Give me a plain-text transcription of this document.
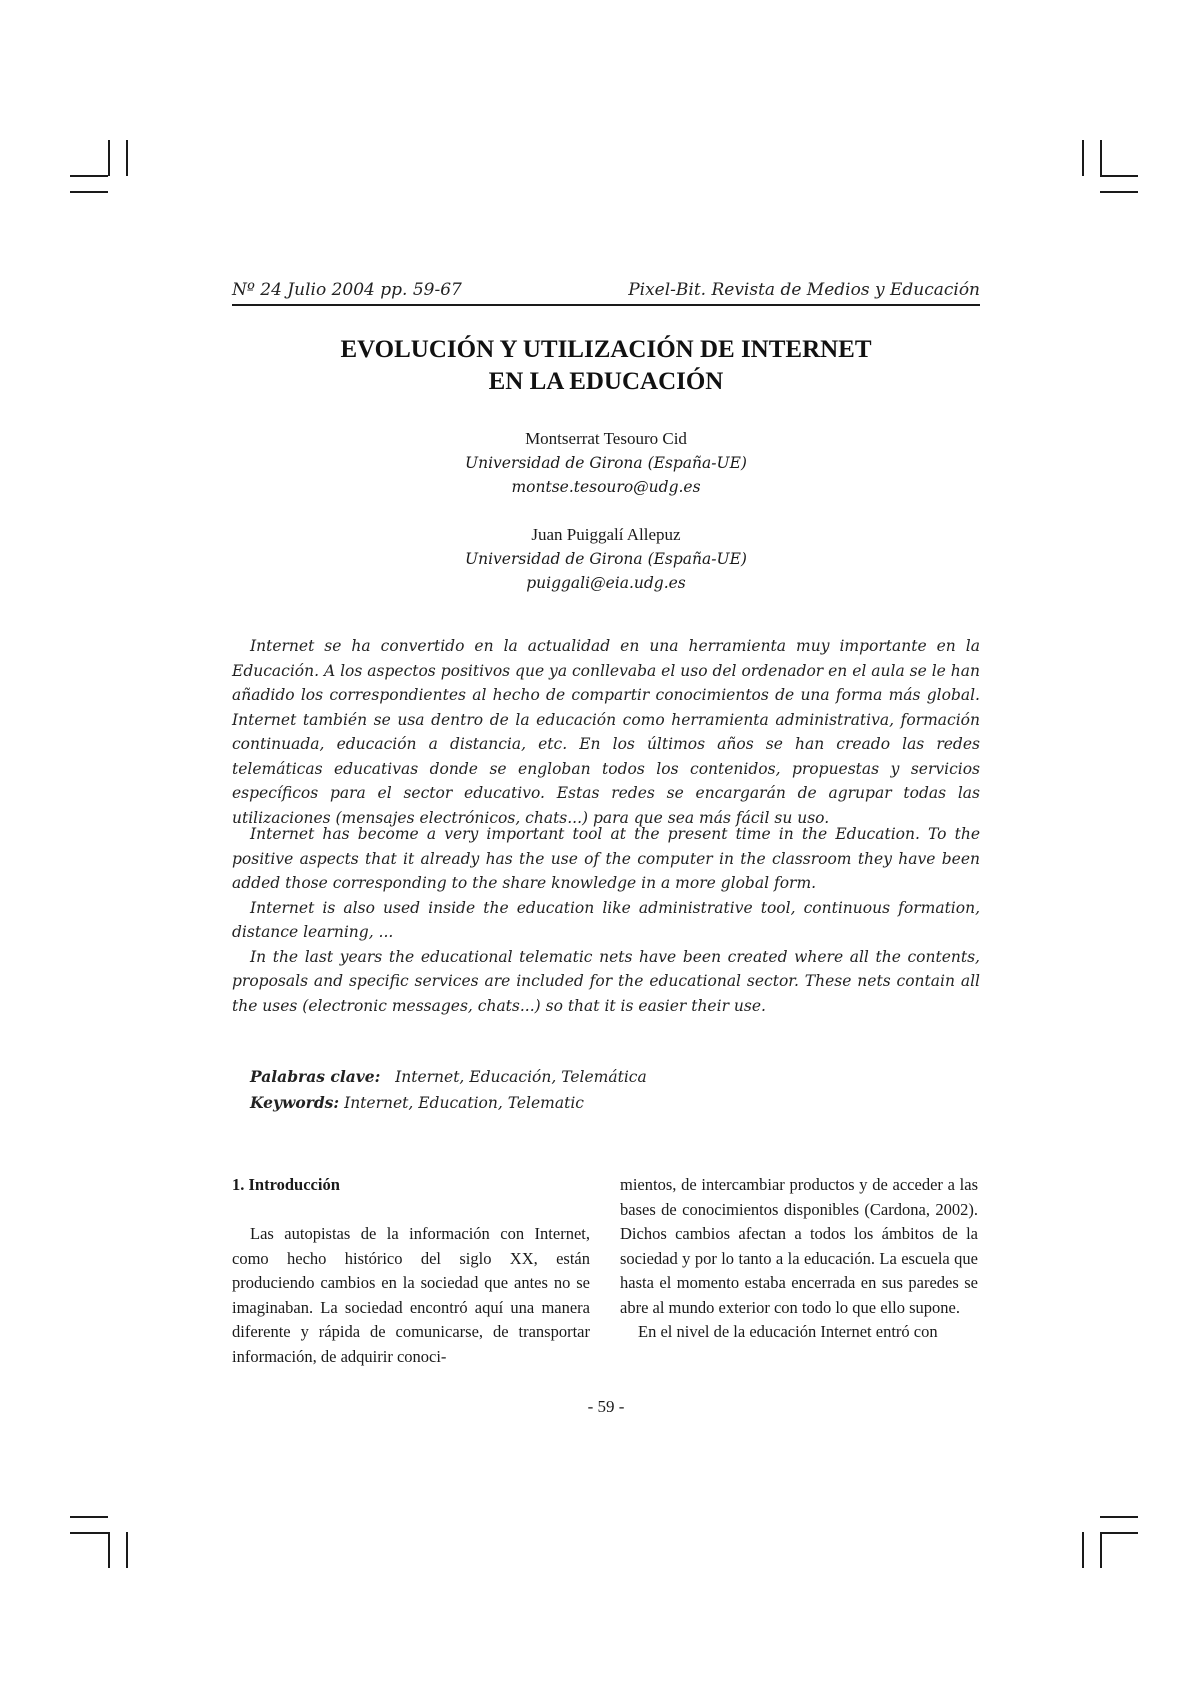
Nº 24 Julio 2004 pp. 59-67	Pixel-Bit. Revista de Medios y Educación
EVOLUCIÓN Y UTILIZACIÓN DE INTERNET
EN LA EDUCACIÓN
Montserrat Tesouro Cid
Universidad de Girona (España-UE)
montse.tesouro@udg.es
Juan Puiggalí Allepuz
Universidad de Girona (España-UE)
puiggali@eia.udg.es

Internet se ha convertido en la actualidad en una herramienta muy importante en la Educación. A los aspectos positivos que ya conllevaba el uso del ordenador en el aula se le han añadido los correspondientes al hecho de compartir conocimientos de una forma más global. Internet también se usa dentro de la educación como herramienta administrativa, formación continuada, educación a distancia, etc. En los últimos años se han creado las redes telemáticas educativas donde se engloban todos los contenidos, propuestas y servicios específicos para el sector educativo. Estas redes se encargarán de agrupar todas las utilizaciones (mensajes electrónicos, chats...) para que sea más fácil su uso.

Internet has become a very important tool at the present time in the Education. To the positive aspects that it already has the use of the computer in the classroom they have been added those corresponding to the share knowledge in a more global form.

Internet is also used inside the education like administrative tool, continuous formation, distance learning, ...

In the last years the educational telematic nets have been created where all the contents, proposals and specific services are included for the educational sector. These nets contain all the uses (electronic messages, chats...) so that it is easier their use.

Palabras clave: Internet, Educación, Telemática
Keywords: Internet, Education, Telematic
1. Introducción

Las autopistas de la información con Internet, como hecho histórico del siglo XX, están produciendo cambios en la sociedad que antes no se imaginaban. La sociedad encontró aquí una manera diferente y rápida de comunicarse, de transportar información, de adquirir conoci-

mientos, de intercambiar productos y de acceder a las bases de conocimientos disponibles (Cardona, 2002). Dichos cambios afectan a todos los ámbitos de la sociedad y por lo tanto a la educación. La escuela que hasta el momento estaba encerrada en sus paredes se abre al mundo exterior con todo lo que ello supone.

En el nivel de la educación Internet entró con

- 59 -
